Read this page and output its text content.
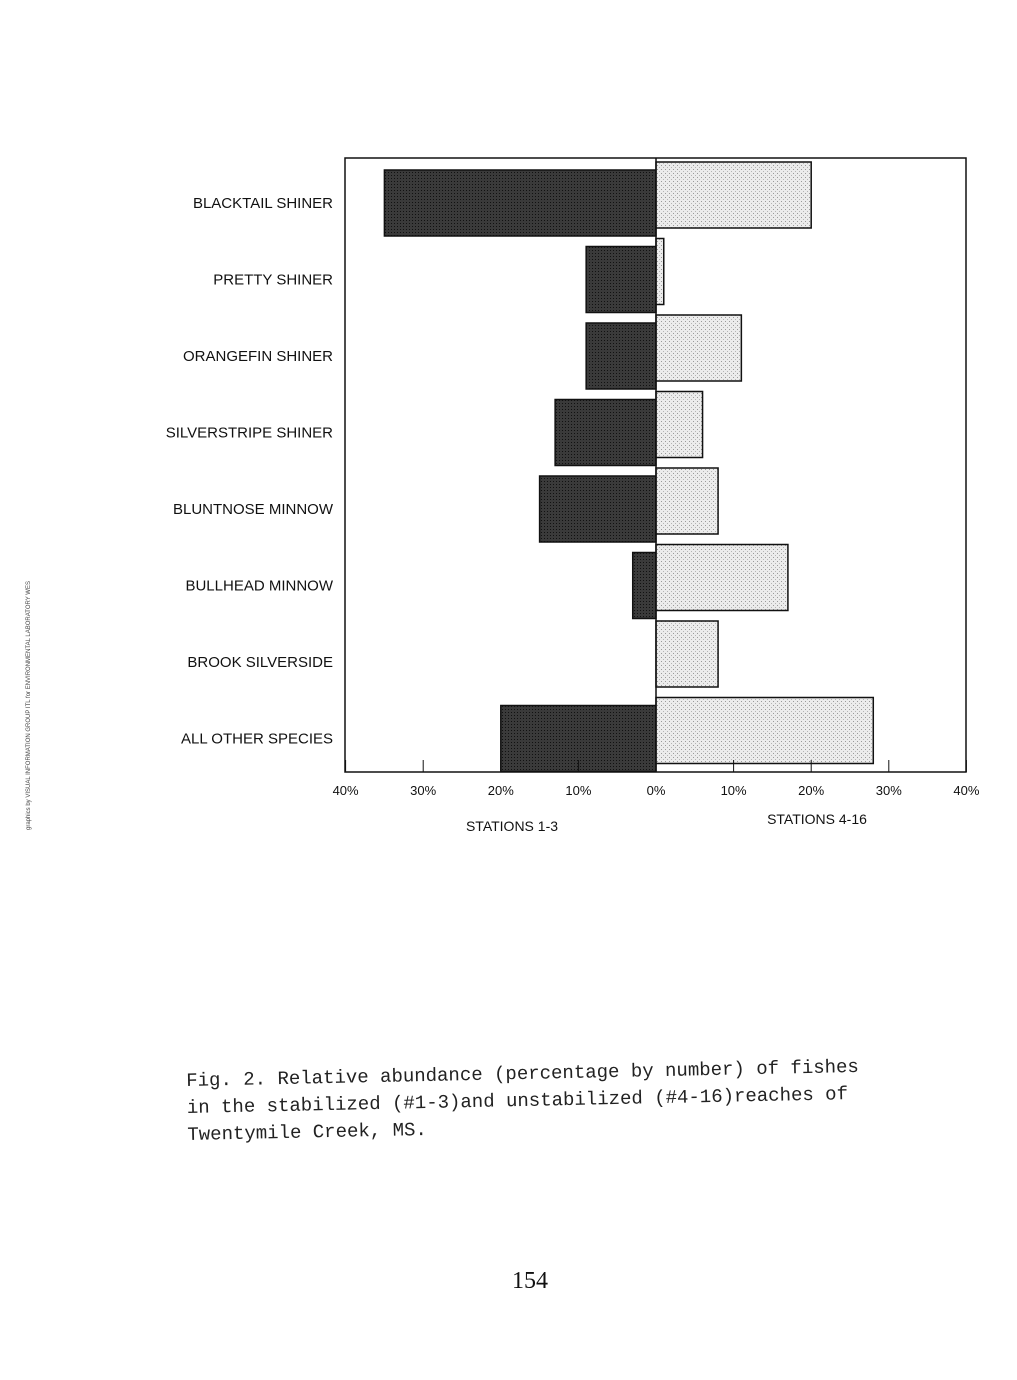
BLACKTAIL SHINER
PRETTY SHINER
ORANGEFIN SHINER
SILVERSTRIPE SHINER
BLUNTNOSE MINNOW
BULLHEAD MINNOW
BROOK SILVERSIDE
ALL OTHER SPECIES
40%	30%	20%	10%	0%	10%	20%	30%	40%
STATIONS 1-3	STATIONS 4-16
graphics by VISUAL INFORMATION GROUP ITL for ENVIRONMENTAL LABORATORY WES
Fig. 2. Relative abundance (percentage by number) of fishes
in the stabilized (#1-3)and unstabilized (#4-16)reaches of
Twentymile Creek, MS.
154
